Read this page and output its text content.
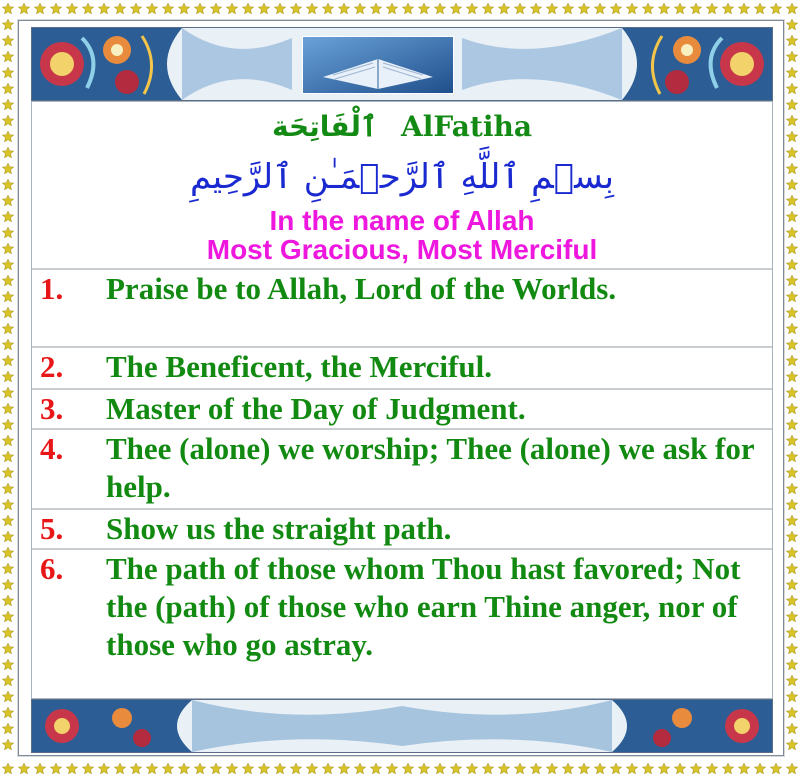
ٱلْفَاتِحَة AlFatiha
بِسۡمِ ٱللَّهِ ٱلرَّحۡمَـٰنِ ٱلرَّحِيمِ
In the name of Allah
Most Gracious, Most Merciful
1. Praise be to Allah, Lord of the Worlds.
2. The Beneficent, the Merciful.
3. Master of the Day of Judgment.
4. Thee (alone) we worship; Thee (alone) we ask for help.
5. Show us the straight path.
6. The path of those whom Thou hast favored; Not the (path) of those who earn Thine anger, nor of those who go astray.
